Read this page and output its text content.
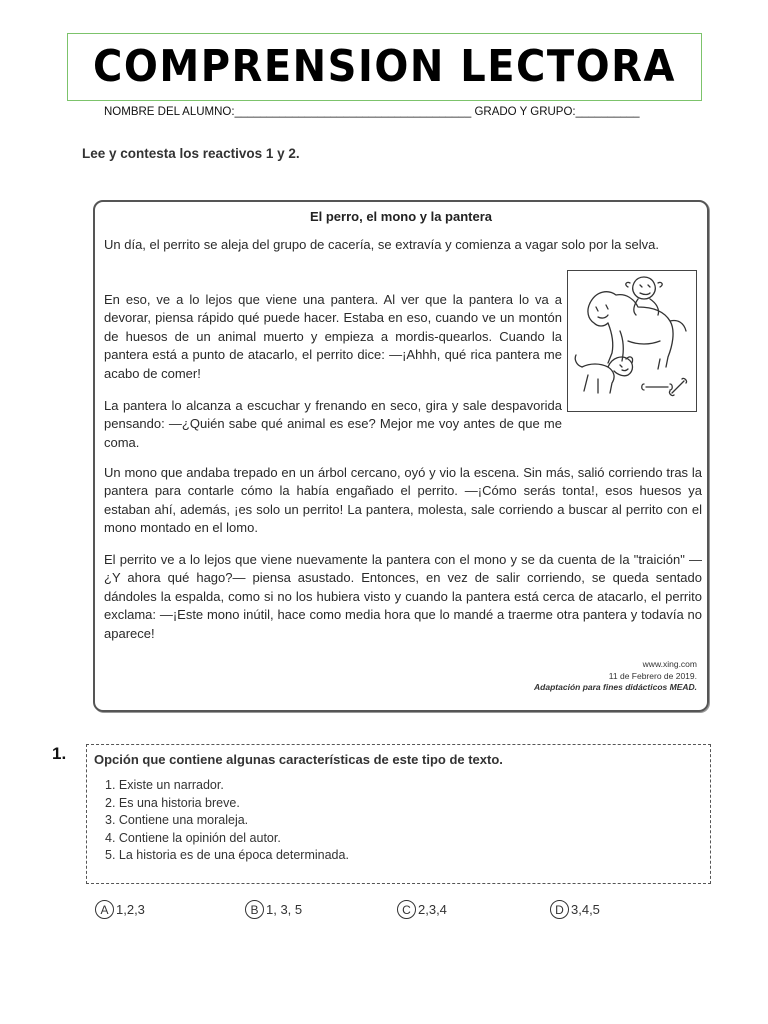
COMPRENSION LECTORA
NOMBRE DEL ALUMNO:_____________________________________ GRADO Y GRUPO:__________
Lee y contesta los reactivos 1 y 2.
El perro, el mono y la pantera
Un día, el perrito se aleja del grupo de cacería, se extravía y comienza a vagar solo por la selva.
En eso, ve a lo lejos que viene una pantera. Al ver que la pantera lo va a devorar, piensa rápido qué puede hacer. Estaba en eso, cuando ve un montón de huesos de un animal muerto y empieza a mordis-quearlos. Cuando la pantera está a punto de atacarlo, el perrito dice: —¡Ahhh, qué rica pantera me acabo de comer!
La pantera lo alcanza a escuchar y frenando en seco, gira y sale despavorida pensando: —¿Quién sabe qué animal es ese? Mejor me voy antes de que me coma.
Un mono que andaba trepado en un árbol cercano, oyó y vio la escena. Sin más, salió corriendo tras la pantera para contarle cómo la había engañado el perrito. —¡Cómo serás tonta!, esos huesos ya estaban ahí, además, ¡es solo un perrito! La pantera, molesta, sale corriendo a buscar al perrito con el mono montado en el lomo.
El perrito ve a lo lejos que viene nuevamente la pantera con el mono y se da cuenta de la "traición" —¿Y ahora qué hago?— piensa asustado. Entonces, en vez de salir corriendo, se queda sentado dándoles la espalda, como si no los hubiera visto y cuando la pantera está cerca de atacarlo, el perrito exclama: —¡Este mono inútil, hace como media hora que lo mandé a traerme otra pantera y todavía no aparece!
www.xing.com
11 de Febrero de 2019.
Adaptación para fines didácticos MEAD.
1. Opción que contiene algunas características de este tipo de texto.
1. Existe un narrador.
2. Es una historia breve.
3. Contiene una moraleja.
4. Contiene la opinión del autor.
5. La historia es de una época determinada.
A 1,2,3	B 1, 3, 5	C 2,3,4	D 3,4,5
